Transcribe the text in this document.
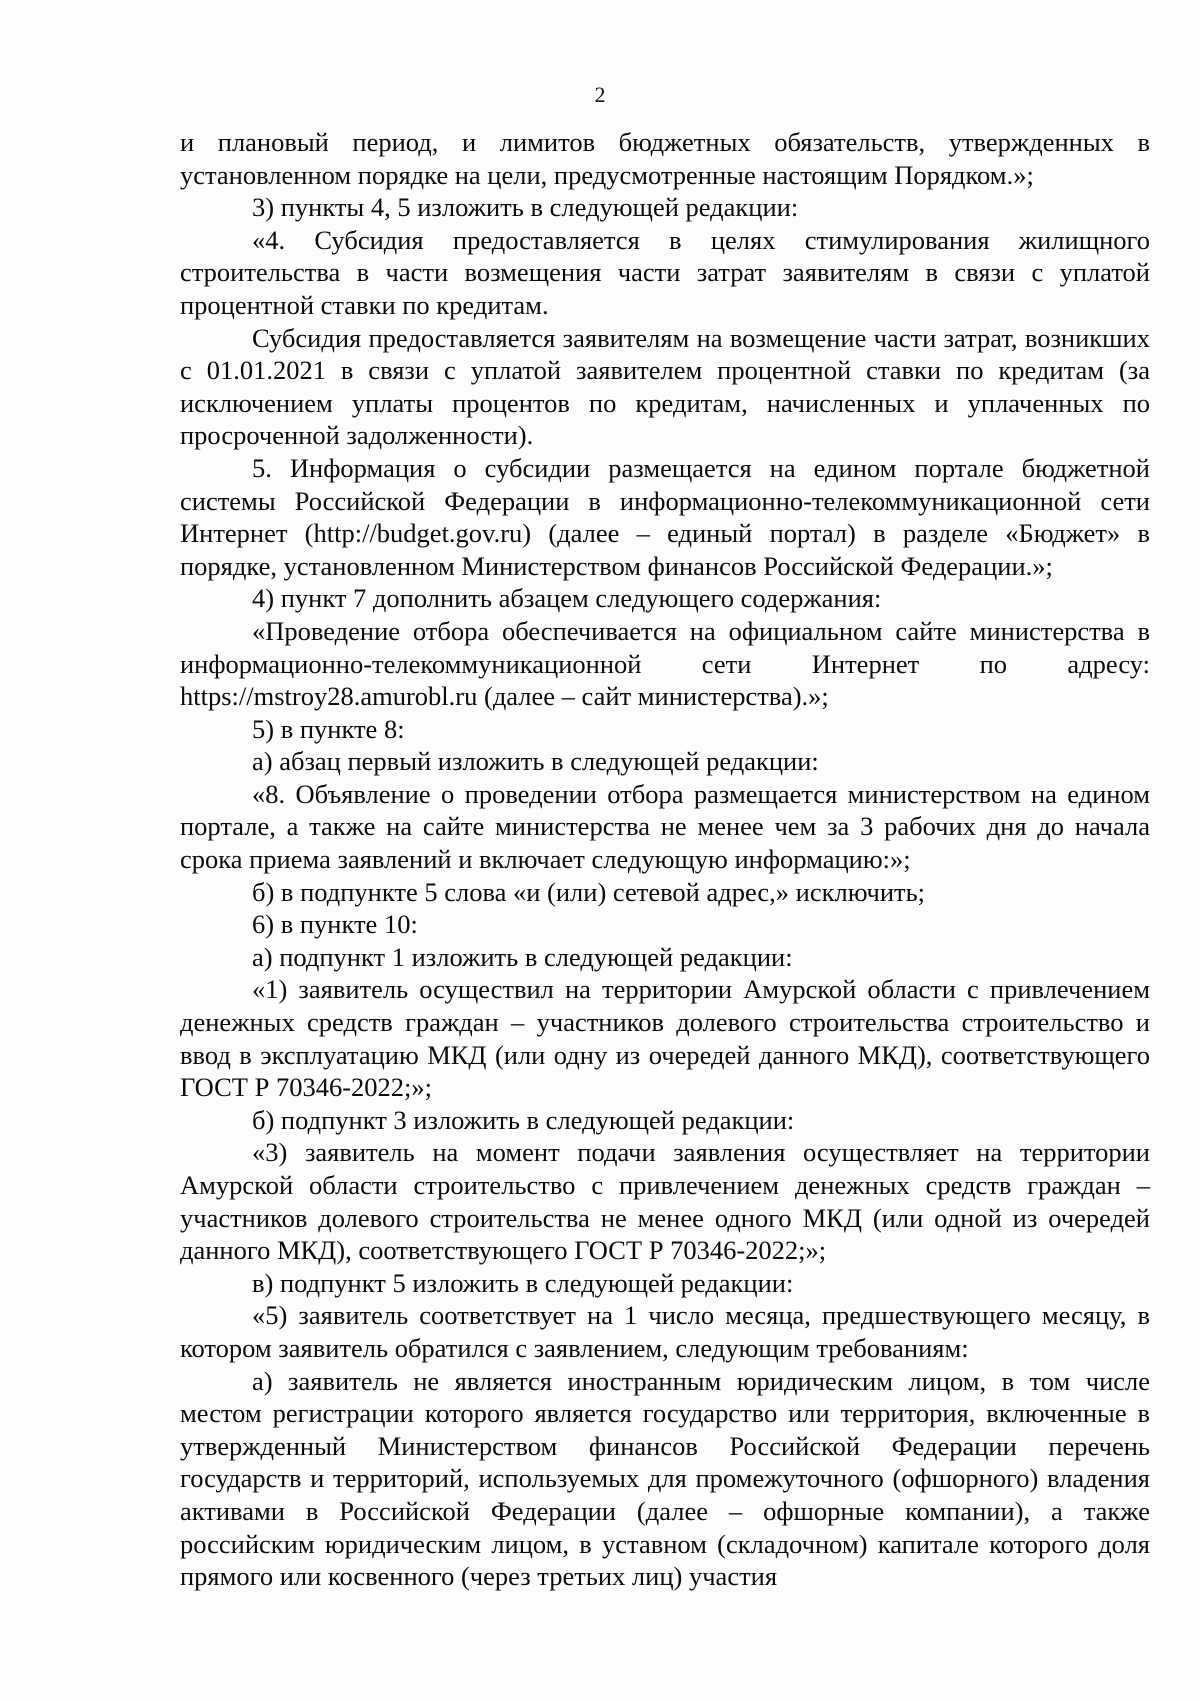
2

и плановый период, и лимитов бюджетных обязательств, утвержденных в установленном порядке на цели, предусмотренные настоящим Порядком.»;

3) пункты 4, 5 изложить в следующей редакции:

«4. Субсидия предоставляется в целях стимулирования жилищного строительства в части возмещения части затрат заявителям в связи с уплатой процентной ставки по кредитам.

Субсидия предоставляется заявителям на возмещение части затрат, возникших с 01.01.2021 в связи с уплатой заявителем процентной ставки по кредитам (за исключением уплаты процентов по кредитам, начисленных и уплаченных по просроченной задолженности).

5. Информация о субсидии размещается на едином портале бюджетной системы Российской Федерации в информационно-телекоммуникационной сети Интернет (http://budget.gov.ru) (далее – единый портал) в разделе «Бюджет» в порядке, установленном Министерством финансов Российской Федерации.»;

4) пункт 7 дополнить абзацем следующего содержания:

«Проведение отбора обеспечивается на официальном сайте министерства в информационно-телекоммуникационной сети Интернет по адресу: https://mstroy28.amurobl.ru (далее – сайт министерства).»;

5) в пункте 8:

а) абзац первый изложить в следующей редакции:

«8. Объявление о проведении отбора размещается министерством на едином портале, а также на сайте министерства не менее чем за 3 рабочих дня до начала срока приема заявлений и включает следующую информацию:»;

б) в подпункте 5 слова «и (или) сетевой адрес,» исключить;

6) в пункте 10:

а) подпункт 1 изложить в следующей редакции:

«1) заявитель осуществил на территории Амурской области с привлечением денежных средств граждан – участников долевого строительства строительство и ввод в эксплуатацию МКД (или одну из очередей данного МКД), соответствующего ГОСТ Р 70346-2022;»;

б) подпункт 3 изложить в следующей редакции:

«3) заявитель на момент подачи заявления осуществляет на территории Амурской области строительство с привлечением денежных средств граждан – участников долевого строительства не менее одного МКД (или одной из очередей данного МКД), соответствующего ГОСТ Р 70346-2022;»;

в) подпункт 5 изложить в следующей редакции:

«5) заявитель соответствует на 1 число месяца, предшествующего месяцу, в котором заявитель обратился с заявлением, следующим требованиям:

а) заявитель не является иностранным юридическим лицом, в том числе местом регистрации которого является государство или территория, включенные в утвержденный Министерством финансов Российской Федерации перечень государств и территорий, используемых для промежуточного (офшорного) владения активами в Российской Федерации (далее – офшорные компании), а также российским юридическим лицом, в уставном (складочном) капитале которого доля прямого или косвенного (через третьих лиц) участия
